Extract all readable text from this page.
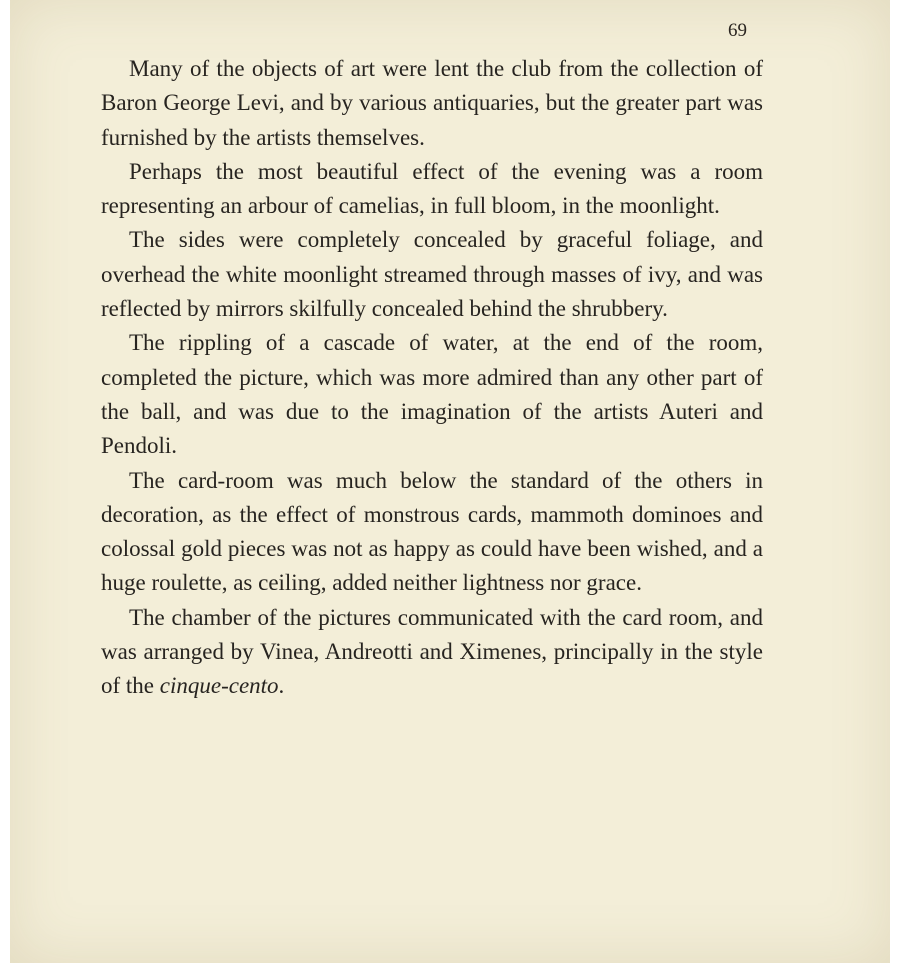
69

Many of the objects of art were lent the club from the collection of Baron George Levi, and by various antiquaries, but the greater part was furnished by the artists themselves.

Perhaps the most beautiful effect of the evening was a room representing an arbour of camelias, in full bloom, in the moonlight.

The sides were completely concealed by graceful foliage, and overhead the white moonlight streamed through masses of ivy, and was reflected by mirrors skilfully concealed behind the shrubbery.

The rippling of a cascade of water, at the end of the room, completed the picture, which was more admired than any other part of the ball, and was due to the imagination of the artists Auteri and Pendoli.

The card-room was much below the standard of the others in decoration, as the effect of monstrous cards, mammoth dominoes and colossal gold pieces was not as happy as could have been wished, and a huge roulette, as ceiling, added neither lightness nor grace.

The chamber of the pictures communicated with the card room, and was arranged by Vinea, Andreotti and Ximenes, principally in the style of the cinque-cento.
